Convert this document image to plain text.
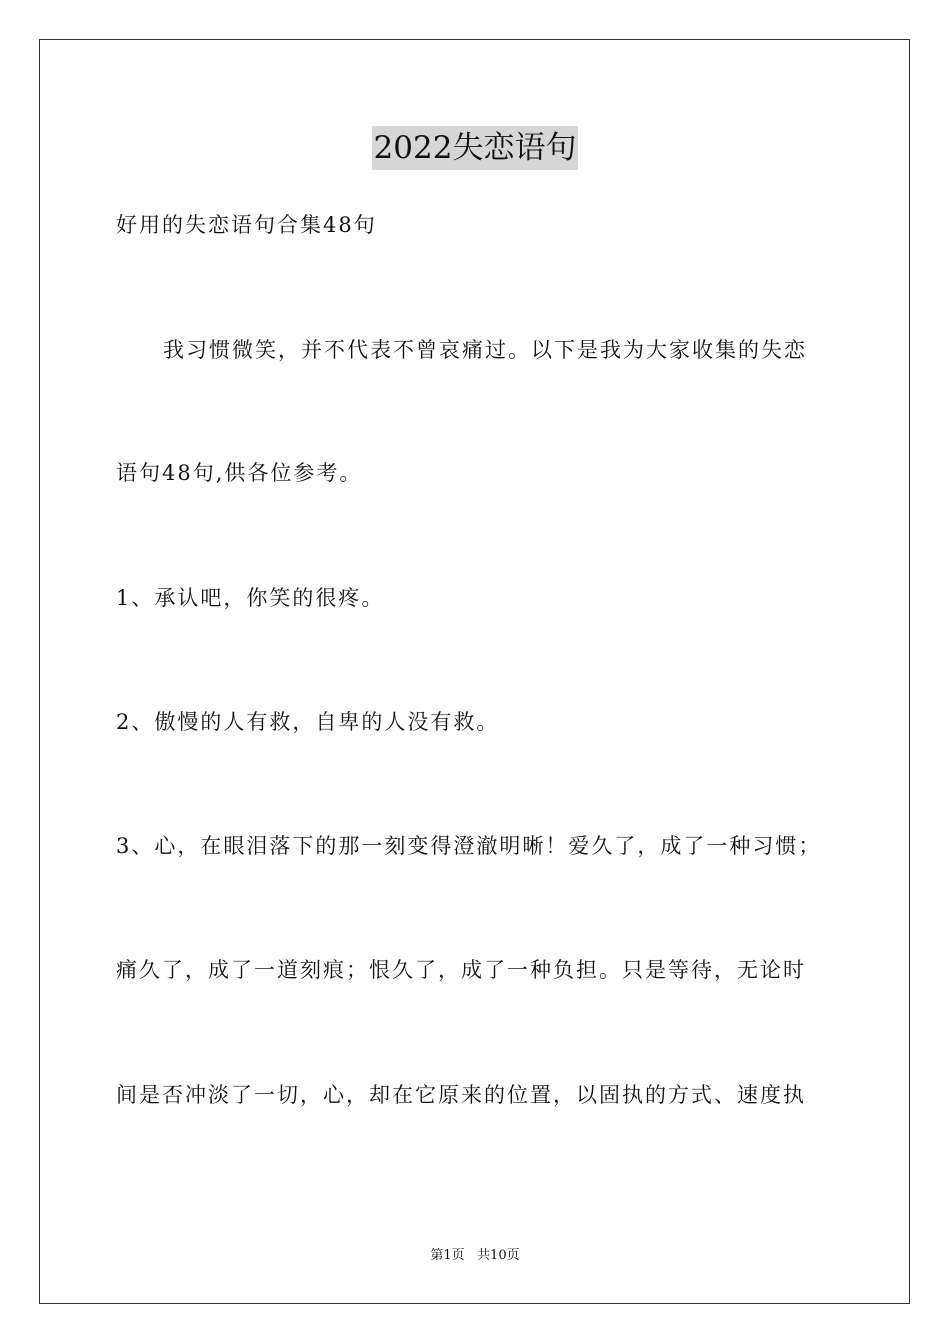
2022失恋语句
好用的失恋语句合集48句
我习惯微笑，并不代表不曾哀痛过。以下是我为大家收集的失恋
语句48句,供各位参考。
1、承认吧，你笑的很疼。
2、傲慢的人有救，自卑的人没有救。
3、心，在眼泪落下的那一刻变得澄澈明晰！爱久了，成了一种习惯；
痛久了，成了一道刻痕；恨久了，成了一种负担。只是等待，无论时
间是否冲淡了一切，心，却在它原来的位置，以固执的方式、速度执
第1页   共10页
